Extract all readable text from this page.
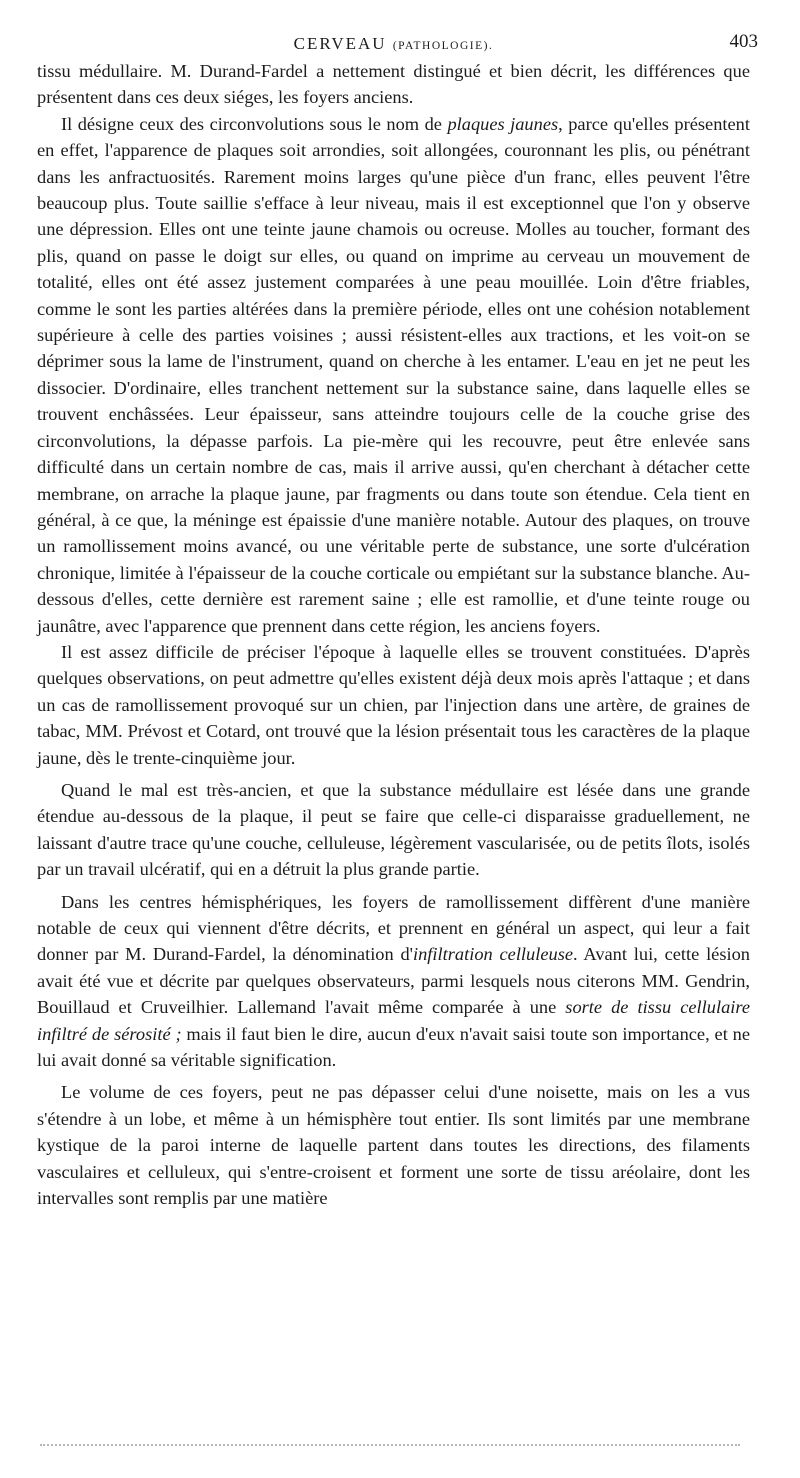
CERVEAU (PATHOLOGIE).	403

tissu médullaire. M. Durand-Fardel a nettement distingué et bien décrit, les différences que présentent dans ces deux siéges, les foyers anciens.

Il désigne ceux des circonvolutions sous le nom de plaques jaunes, parce qu'elles présentent en effet, l'apparence de plaques soit arrondies, soit allongées, couronnant les plis, ou pénétrant dans les anfractuosités. Rarement moins larges qu'une pièce d'un franc, elles peuvent l'être beaucoup plus. Toute saillie s'efface à leur niveau, mais il est exceptionnel que l'on y observe une dépression. Elles ont une teinte jaune chamois ou ocreuse. Molles au toucher, formant des plis, quand on passe le doigt sur elles, ou quand on imprime au cerveau un mouvement de totalité, elles ont été assez justement comparées à une peau mouillée. Loin d'être friables, comme le sont les parties altérées dans la première période, elles ont une cohésion notablement supérieure à celle des parties voisines ; aussi résistent-elles aux tractions, et les voit-on se déprimer sous la lame de l'instrument, quand on cherche à les entamer. L'eau en jet ne peut les dissocier. D'ordinaire, elles tranchent nettement sur la substance saine, dans laquelle elles se trouvent enchâssées. Leur épaisseur, sans atteindre toujours celle de la couche grise des circonvolutions, la dépasse parfois. La pie-mère qui les recouvre, peut être enlevée sans difficulté dans un certain nombre de cas, mais il arrive aussi, qu'en cherchant à détacher cette membrane, on arrache la plaque jaune, par fragments ou dans toute son étendue. Cela tient en général, à ce que, la méninge est épaissie d'une manière notable. Autour des plaques, on trouve un ramollissement moins avancé, ou une véritable perte de substance, une sorte d'ulcération chronique, limitée à l'épaisseur de la couche corticale ou empiétant sur la substance blanche. Au-dessous d'elles, cette dernière est rarement saine ; elle est ramollie, et d'une teinte rouge ou jaunâtre, avec l'apparence que prennent dans cette région, les anciens foyers.

Il est assez difficile de préciser l'époque à laquelle elles se trouvent constituées. D'après quelques observations, on peut admettre qu'elles existent déjà deux mois après l'attaque ; et dans un cas de ramollissement provoqué sur un chien, par l'injection dans une artère, de graines de tabac, MM. Prévost et Cotard, ont trouvé que la lésion présentait tous les caractères de la plaque jaune, dès le trente-cinquième jour.

Quand le mal est très-ancien, et que la substance médullaire est lésée dans une grande étendue au-dessous de la plaque, il peut se faire que celle-ci disparaisse graduellement, ne laissant d'autre trace qu'une couche, celluleuse, légèrement vascularisée, ou de petits îlots, isolés par un travail ulcératif, qui en a détruit la plus grande partie.

Dans les centres hémisphériques, les foyers de ramollissement diffèrent d'une manière notable de ceux qui viennent d'être décrits, et prennent en général un aspect, qui leur a fait donner par M. Durand-Fardel, la dénomination d'infiltration celluleuse. Avant lui, cette lésion avait été vue et décrite par quelques observateurs, parmi lesquels nous citerons MM. Gendrin, Bouillaud et Cruveilhier. Lallemand l'avait même comparée à une sorte de tissu cellulaire infiltré de sérosité ; mais il faut bien le dire, aucun d'eux n'avait saisi toute son importance, et ne lui avait donné sa véritable signification.

Le volume de ces foyers, peut ne pas dépasser celui d'une noisette, mais on les a vus s'étendre à un lobe, et même à un hémisphère tout entier. Ils sont limités par une membrane kystique de la paroi interne de laquelle partent dans toutes les directions, des filaments vasculaires et celluleux, qui s'entre-croisent et forment une sorte de tissu aréolaire, dont les intervalles sont remplis par une matière
